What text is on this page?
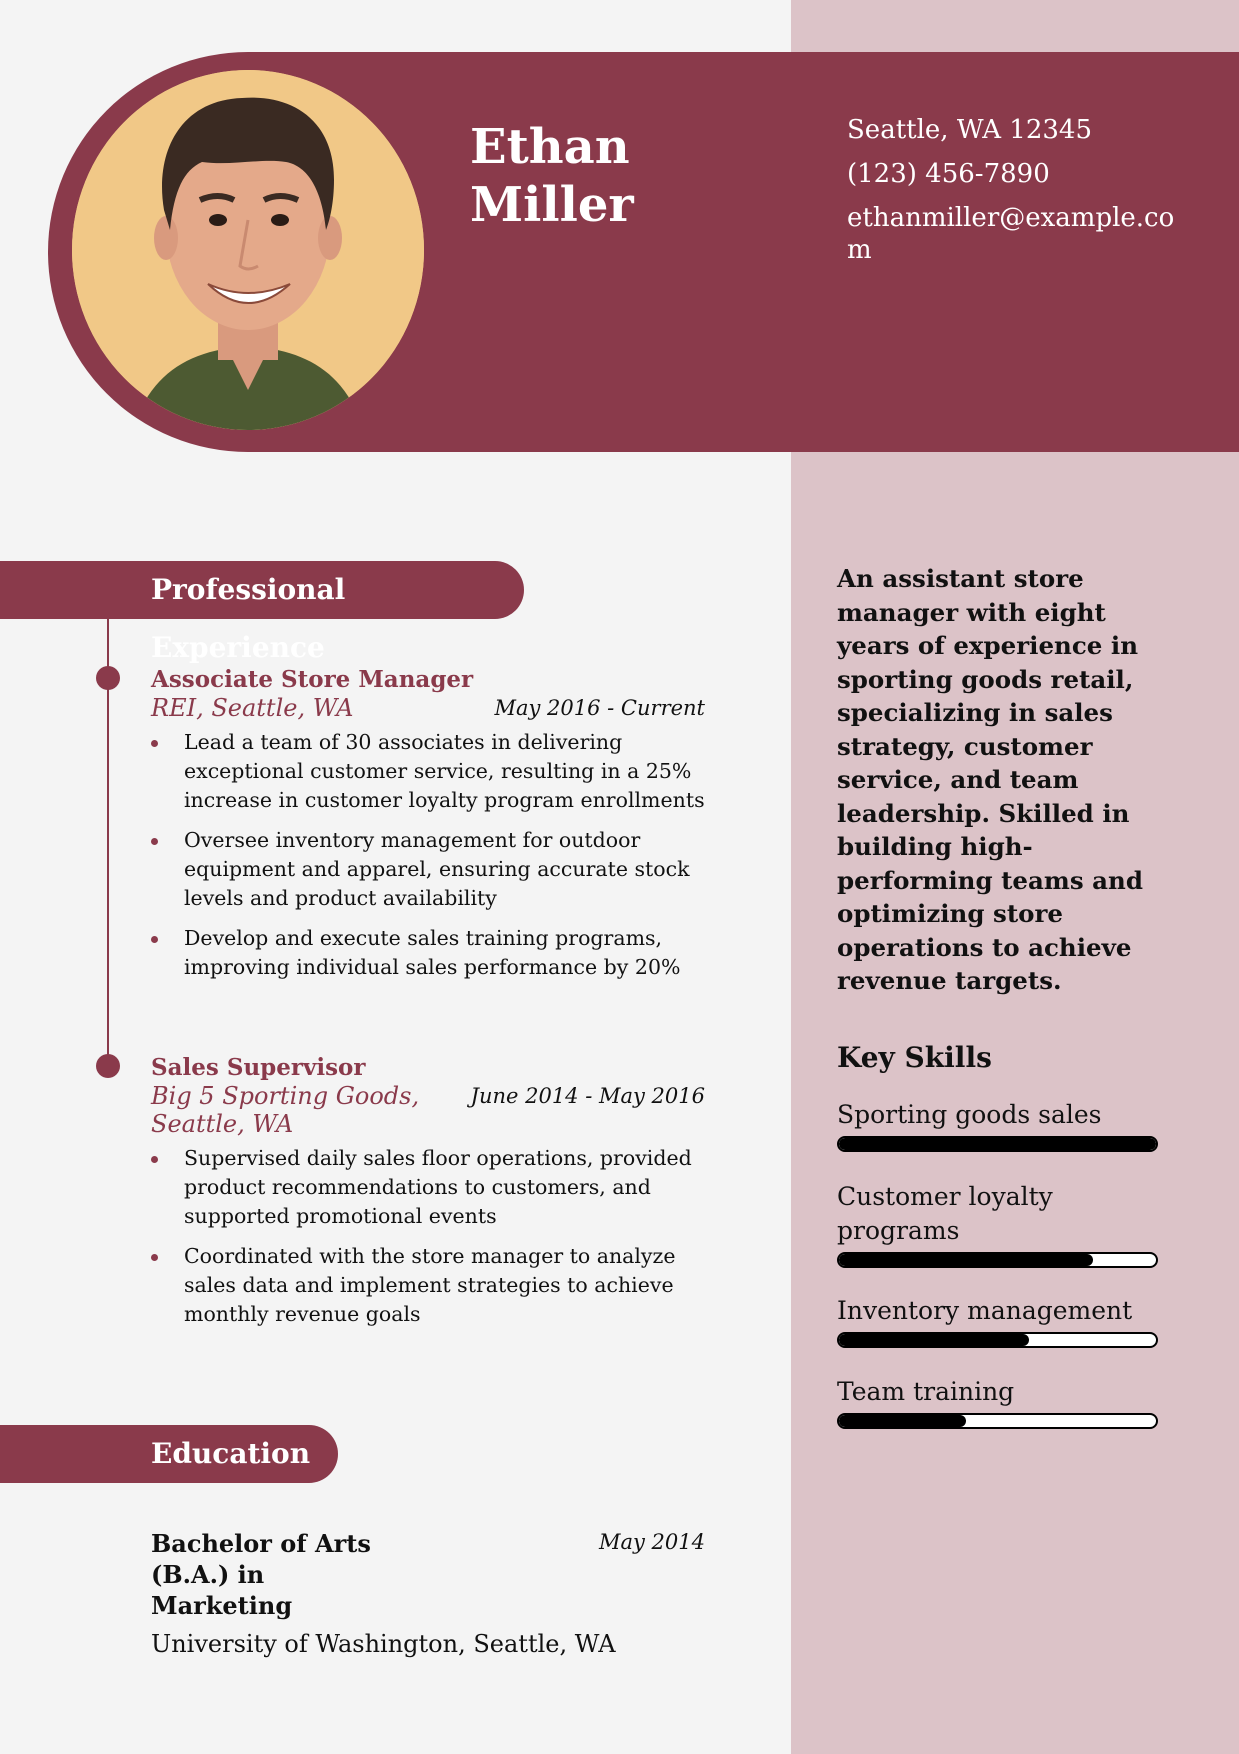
Ethan
Miller
Seattle, WA 12345
(123) 456-7890
ethanmiller@example.com
Professional Experience
Associate Store Manager
REI, Seattle, WA	May 2016 - Current
Lead a team of 30 associates in delivering exceptional customer service, resulting in a 25% increase in customer loyalty program enrollments
Oversee inventory management for outdoor equipment and apparel, ensuring accurate stock levels and product availability
Develop and execute sales training programs, improving individual sales performance by 20%
Sales Supervisor
Big 5 Sporting Goods, Seattle, WA
June 2014 - May 2016
Supervised daily sales floor operations, provided product recommendations to customers, and supported promotional events
Coordinated with the store manager to analyze sales data and implement strategies to achieve monthly revenue goals
Education
Bachelor of Arts (B.A.) in Marketing
May 2014
University of Washington, Seattle, WA
An assistant store manager with eight years of experience in sporting goods retail, specializing in sales strategy, customer service, and team leadership. Skilled in building high-performing teams and optimizing store operations to achieve revenue targets.
Key Skills
Sporting goods sales
Customer loyalty programs
Inventory management
Team training
